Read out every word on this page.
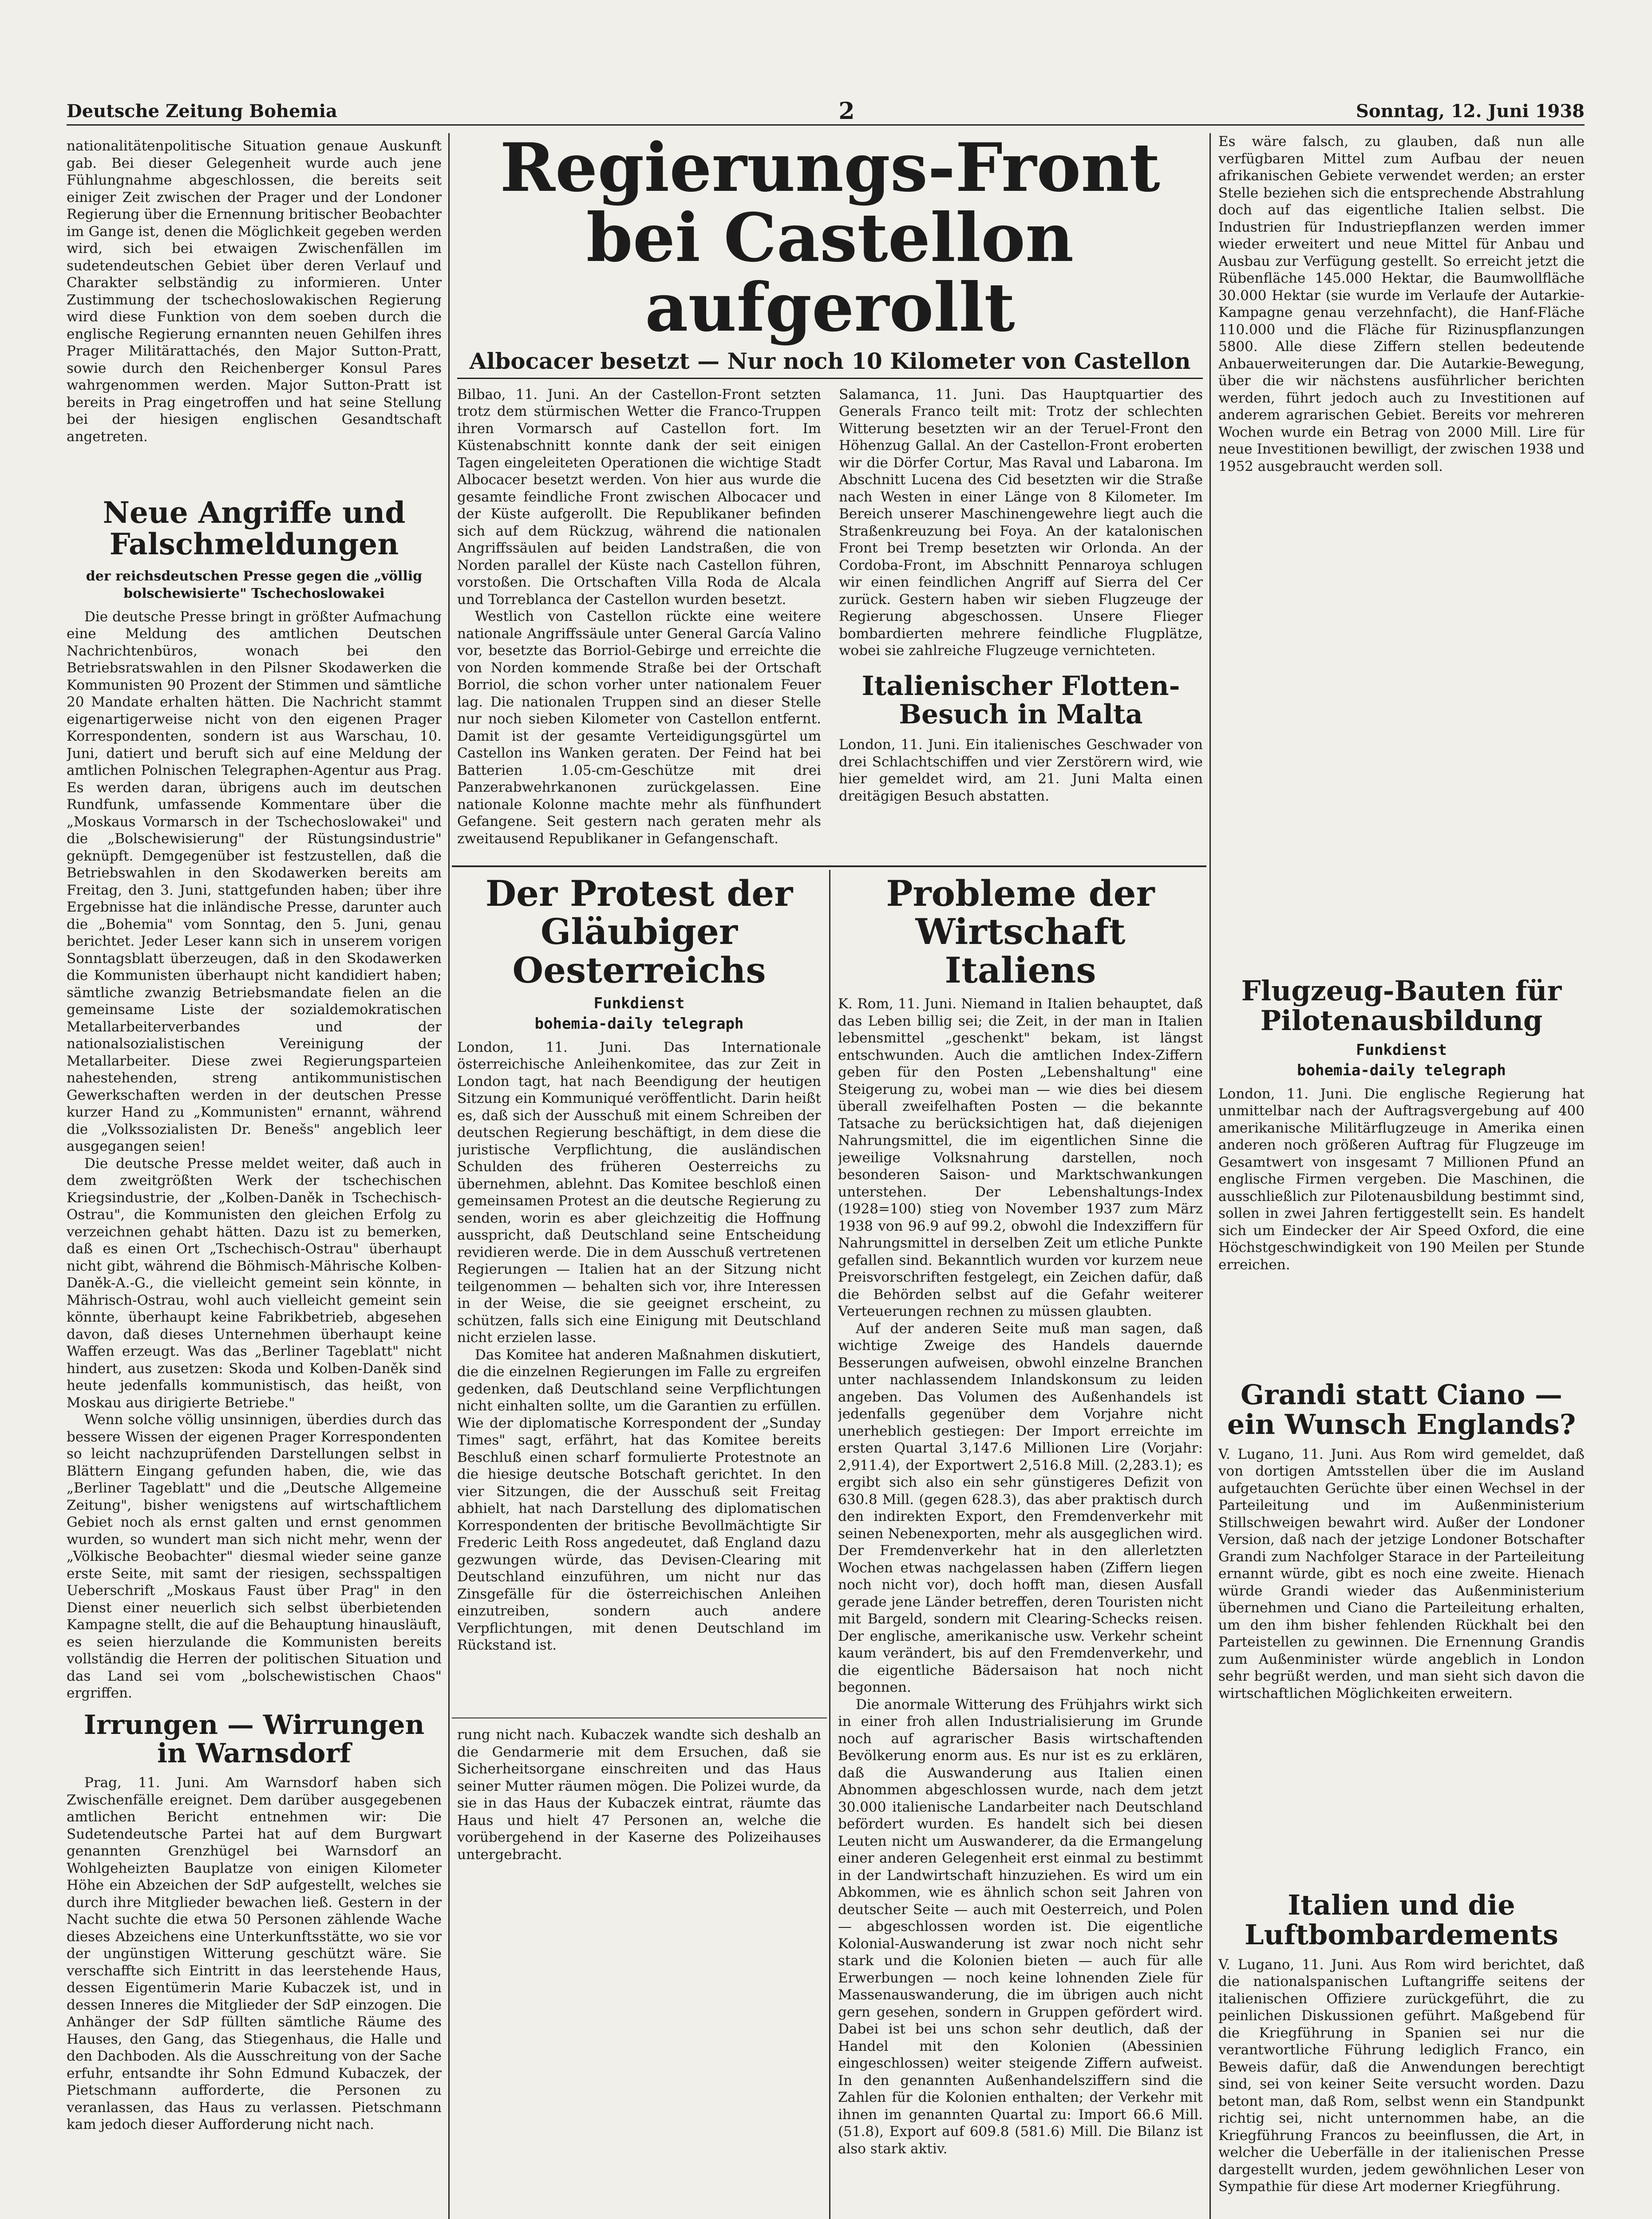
Deutsche Zeitung Bohemia	2	Sonntag, 12. Juni 1938

nationalitätenpolitische Situation genaue Auskunft gab. Bei dieser Gelegenheit wurde auch jene Fühlungnahme abgeschlossen, die bereits seit einiger Zeit zwischen der Prager und der Londoner Regierung über die Ernennung britischer Beobachter im Gange ist, denen die Möglichkeit gegeben werden wird, sich bei etwaigen Zwischenfällen im sudetendeutschen Gebiet über deren Verlauf und Charakter selbständig zu informieren. Unter Zustimmung der tschechoslowakischen Regierung wird diese Funktion von dem soeben durch die englische Regierung ernannten neuen Gehilfen ihres Prager Militärattachés, den Major Sutton-Pratt, sowie durch den Reichenberger Konsul Pares wahrgenommen werden. Major Sutton-Pratt ist bereits in Prag eingetroffen und hat seine Stellung bei der hiesigen englischen Gesandtschaft angetreten.

Neue Angriffe und Falschmeldungen
der reichsdeutschen Presse gegen die „völlig bolschewisierte" Tschechoslowakei

Die deutsche Presse bringt in größter Aufmachung eine Meldung des amtlichen Deutschen Nachrichtenbüros, wonach bei den Betriebsratswahlen in den Pilsner Skodawerken die Kommunisten 90 Prozent der Stimmen und sämtliche 20 Mandate erhalten hätten. Die Nachricht stammt eigenartigerweise nicht von den eigenen Prager Korrespondenten, sondern ist aus Warschau, 10. Juni, datiert und beruft sich auf eine Meldung der amtlichen Polnischen Telegraphen-Agentur aus Prag. Es werden daran, übrigens auch im deutschen Rundfunk, umfassende Kommentare über die „Moskaus Vormarsch in der Tschechoslowakei" und die „Bolschewisierung" der Rüstungsindustrie" geknüpft. Demgegenüber ist festzustellen, daß die Betriebswahlen in den Skodawerken bereits am Freitag, den 3. Juni, stattgefunden haben; über ihre Ergebnisse hat die inländische Presse, darunter auch die „Bohemia" vom Sonntag, den 5. Juni, genau berichtet. Jeder Leser kann sich in unserem vorigen Sonntagsblatt überzeugen, daß in den Skodawerken die Kommunisten überhaupt nicht kandidiert haben; sämtliche zwanzig Betriebsmandate fielen an die gemeinsame Liste der sozialdemokratischen Metallarbeiterverbandes und der nationalsozialistischen Vereinigung der Metallarbeiter. Diese zwei Regierungsparteien nahestehenden, streng antikommunistischen Gewerkschaften werden in der deutschen Presse kurzer Hand zu „Kommunisten" ernannt, während die „Volkssozialisten Dr. Benešs" angeblich leer ausgegangen seien!

Die deutsche Presse meldet weiter, daß auch in dem zweitgrößten Werk der tschechischen Kriegsindustrie, der „Kolben-Daněk in Tschechisch-Ostrau", die Kommunisten den gleichen Erfolg zu verzeichnen gehabt hätten. Dazu ist zu bemerken, daß es einen Ort „Tschechisch-Ostrau" überhaupt nicht gibt, während die Böhmisch-Mährische Kolben-Daněk-A.-G., die vielleicht gemeint sein könnte, in Mährisch-Ostrau, wohl auch vielleicht gemeint sein könnte, überhaupt keine Fabrikbetrieb, abgesehen davon, daß dieses Unternehmen überhaupt keine Waffen erzeugt. Was das „Berliner Tageblatt" nicht hindert, aus zusetzen: Skoda und Kolben-Daněk sind heute jedenfalls kommunistisch, das heißt, von Moskau aus dirigierte Betriebe."

Wenn solche völlig unsinnigen, überdies durch das bessere Wissen der eigenen Prager Korrespondenten so leicht nachzuprüfenden Darstellungen selbst in Blättern Eingang gefunden haben, die, wie das „Berliner Tageblatt" und die „Deutsche Allgemeine Zeitung", bisher wenigstens auf wirtschaftlichem Gebiet noch als ernst galten und ernst genommen wurden, so wundert man sich nicht mehr, wenn der „Völkische Beobachter" diesmal wieder seine ganze erste Seite, mit samt der riesigen, sechsspaltigen Ueberschrift „Moskaus Faust über Prag" in den Dienst einer neuerlich sich selbst überbietenden Kampagne stellt, die auf die Behauptung hinausläuft, es seien hierzulande die Kommunisten bereits vollständig die Herren der politischen Situation und das Land sei vom „bolschewistischen Chaos" ergriffen.

Irrungen — Wirrungen in Warnsdorf

Prag, 11. Juni. Am Warnsdorf haben sich Zwischenfälle ereignet. Dem darüber ausgegebenen amtlichen Bericht entnehmen wir: Die Sudetendeutsche Partei hat auf dem Burgwart genannten Grenzhügel bei Warnsdorf an Wohlgeheizten Bauplatze von einigen Kilometer Höhe ein Abzeichen der SdP aufgestellt, welches sie durch ihre Mitglieder bewachen ließ. Gestern in der Nacht suchte die etwa 50 Personen zählende Wache dieses Abzeichens eine Unterkunftsstätte, wo sie vor der ungünstigen Witterung geschützt wäre. Sie verschaffte sich Eintritt in das leerstehende Haus, dessen Eigentümerin Marie Kubaczek ist, und in dessen Inneres die Mitglieder der SdP einzogen. Die Anhänger der SdP füllten sämtliche Räume des Hauses, den Gang, das Stiegenhaus, die Halle und den Dachboden. Als die Ausschreitung von der Sache erfuhr, entsandte ihr Sohn Edmund Kubaczek, der Pietschmann aufforderte, die Personen zu veranlassen, das Haus zu verlassen. Pietschmann kam jedoch dieser Aufforderung nicht nach.

Regierungs-Front bei Castellon aufgerollt
Albocacer besetzt — Nur noch 10 Kilometer von Castellon

Bilbao, 11. Juni. An der Castellon-Front setzten trotz dem stürmischen Wetter die Franco-Truppen ihren Vormarsch auf Castellon fort. Im Küstenabschnitt konnte dank der seit einigen Tagen eingeleiteten Operationen die wichtige Stadt Albocacer besetzt werden. Von hier aus wurde die gesamte feindliche Front zwischen Albocacer und der Küste aufgerollt. Die Republikaner befinden sich auf dem Rückzug, während die nationalen Angriffssäulen auf beiden Landstraßen, die von Norden parallel der Küste nach Castellon führen, vorstoßen. Die Ortschaften Villa Roda de Alcala und Torreblanca der Castellon wurden besetzt.

Westlich von Castellon rückte eine weitere nationale Angriffssäule unter General García Valino vor, besetzte das Borriol-Gebirge und erreichte die von Norden kommende Straße bei der Ortschaft Borriol, die schon vorher unter nationalem Feuer lag. Die nationalen Truppen sind an dieser Stelle nur noch sieben Kilometer von Castellon entfernt. Damit ist der gesamte Verteidigungsgürtel um Castellon ins Wanken geraten. Der Feind hat bei Batterien 1.05-cm-Geschütze mit drei Panzerabwehrkanonen zurückgelassen. Eine nationale Kolonne machte mehr als fünfhundert Gefangene. Seit gestern nach geraten mehr als zweitausend Republikaner in Gefangenschaft.

Salamanca, 11. Juni. Das Hauptquartier des Generals Franco teilt mit: Trotz der schlechten Witterung besetzten wir an der Teruel-Front den Höhenzug Gallal. An der Castellon-Front eroberten wir die Dörfer Cortur, Mas Raval und Labarona. Im Abschnitt Lucena des Cid besetzten wir die Straße nach Westen in einer Länge von 8 Kilometer. Im Bereich unserer Maschinengewehre liegt auch die Straßenkreuzung bei Foya. An der katalonischen Front bei Tremp besetzten wir Orlonda. An der Cordoba-Front, im Abschnitt Pennaroya schlugen wir einen feindlichen Angriff auf Sierra del Cer zurück. Gestern haben wir sieben Flugzeuge der Regierung abgeschossen. Unsere Flieger bombardierten mehrere feindliche Flugplätze, wobei sie zahlreiche Flugzeuge vernichteten.

Italienischer Flotten-Besuch in Malta

London, 11. Juni. Ein italienisches Geschwader von drei Schlachtschiffen und vier Zerstörern wird, wie hier gemeldet wird, am 21. Juni Malta einen dreitägigen Besuch abstatten.

Der Protest der Gläubiger Oesterreichs
Funkdienst
bohemia-daily telegraph

London, 11. Juni. Das Internationale österreichische Anleihenkomitee, das zur Zeit in London tagt, hat nach Beendigung der heutigen Sitzung ein Kommuniqué veröffentlicht. Darin heißt es, daß sich der Ausschuß mit einem Schreiben der deutschen Regierung beschäftigt, in dem diese die juristische Verpflichtung, die ausländischen Schulden des früheren Oesterreichs zu übernehmen, ablehnt. Das Komitee beschloß einen gemeinsamen Protest an die deutsche Regierung zu senden, worin es aber gleichzeitig die Hoffnung ausspricht, daß Deutschland seine Entscheidung revidieren werde. Die in dem Ausschuß vertretenen Regierungen — Italien hat an der Sitzung nicht teilgenommen — behalten sich vor, ihre Interessen in der Weise, die sie geeignet erscheint, zu schützen, falls sich eine Einigung mit Deutschland nicht erzielen lasse.

Das Komitee hat anderen Maßnahmen diskutiert, die die einzelnen Regierungen im Falle zu ergreifen gedenken, daß Deutschland seine Verpflichtungen nicht einhalten sollte, um die Garantien zu erfüllen. Wie der diplomatische Korrespondent der „Sunday Times" sagt, erfährt, hat das Komitee bereits Beschluß einen scharf formulierte Protestnote an die hiesige deutsche Botschaft gerichtet. In den vier Sitzungen, die der Ausschuß seit Freitag abhielt, hat nach Darstellung des diplomatischen Korrespondenten der britische Bevollmächtigte Sir Frederic Leith Ross angedeutet, daß England dazu gezwungen würde, das Devisen-Clearing mit Deutschland einzuführen, um nicht nur das Zinsgefälle für die österreichischen Anleihen einzutreiben, sondern auch andere Verpflichtungen, mit denen Deutschland im Rückstand ist.

rung nicht nach. Kubaczek wandte sich deshalb an die Gendarmerie mit dem Ersuchen, daß sie Sicherheitsorgane einschreiten und das Haus seiner Mutter räumen mögen. Die Polizei wurde, da sie in das Haus der Kubaczek eintrat, räumte das Haus und hielt 47 Personen an, welche die vorübergehend in der Kaserne des Polizeihauses untergebracht.

Probleme der Wirtschaft Italiens

K. Rom, 11. Juni. Niemand in Italien behauptet, daß das Leben billig sei; die Zeit, in der man in Italien lebensmittel „geschenkt" bekam, ist längst entschwunden. Auch die amtlichen Index-Ziffern geben für den Posten „Lebenshaltung" eine Steigerung zu, wobei man — wie dies bei diesem überall zweifelhaften Posten — die bekannte Tatsache zu berücksichtigen hat, daß diejenigen Nahrungsmittel, die im eigentlichen Sinne die jeweilige Volksnahrung darstellen, noch besonderen Saison- und Marktschwankungen unterstehen. Der Lebenshaltungs-Index (1928=100) stieg von November 1937 zum März 1938 von 96.9 auf 99.2, obwohl die Indexziffern für Nahrungsmittel in derselben Zeit um etliche Punkte gefallen sind. Bekanntlich wurden vor kurzem neue Preisvorschriften festgelegt, ein Zeichen dafür, daß die Behörden selbst auf die Gefahr weiterer Verteuerungen rechnen zu müssen glaubten.

Auf der anderen Seite muß man sagen, daß wichtige Zweige des Handels dauernde Besserungen aufweisen, obwohl einzelne Branchen unter nachlassendem Inlandskonsum zu leiden angeben. Das Volumen des Außenhandels ist jedenfalls gegenüber dem Vorjahre nicht unerheblich gestiegen: Der Import erreichte im ersten Quartal 3,147.6 Millionen Lire (Vorjahr: 2,911.4), der Exportwert 2,516.8 Mill. (2,283.1); es ergibt sich also ein sehr günstigeres Defizit von 630.8 Mill. (gegen 628.3), das aber praktisch durch den indirekten Export, den Fremdenverkehr mit seinen Nebenexporten, mehr als ausgeglichen wird. Der Fremdenverkehr hat in den allerletzten Wochen etwas nachgelassen haben (Ziffern liegen noch nicht vor), doch hofft man, diesen Ausfall gerade jene Länder betreffen, deren Touristen nicht mit Bargeld, sondern mit Clearing-Schecks reisen. Der englische, amerikanische usw. Verkehr scheint kaum verändert, bis auf den Fremdenverkehr, und die eigentliche Bädersaison hat noch nicht begonnen.

Die anormale Witterung des Frühjahrs wirkt sich in einer froh allen Industrialisierung im Grunde noch auf agrarischer Basis wirtschaftenden Bevölkerung enorm aus. Es nur ist es zu erklären, daß die Auswanderung aus Italien einen Abnommen abgeschlossen wurde, nach dem jetzt 30.000 italienische Landarbeiter nach Deutschland befördert wurden. Es handelt sich bei diesen Leuten nicht um Auswanderer, da die Ermangelung einer anderen Gelegenheit erst einmal zu bestimmt in der Landwirtschaft hinzuziehen. Es wird um ein Abkommen, wie es ähnlich schon seit Jahren von deutscher Seite — auch mit Oesterreich, und Polen — abgeschlossen worden ist. Die eigentliche Kolonial-Auswanderung ist zwar noch nicht sehr stark und die Kolonien bieten — auch für alle Erwerbungen — noch keine lohnenden Ziele für Massenauswanderung, die im übrigen auch nicht gern gesehen, sondern in Gruppen gefördert wird. Dabei ist bei uns schon sehr deutlich, daß der Handel mit den Kolonien (Abessinien eingeschlossen) weiter steigende Ziffern aufweist. In den genannten Außenhandelsziffern sind die Zahlen für die Kolonien enthalten; der Verkehr mit ihnen im genannten Quartal zu: Import 66.6 Mill. (51.8), Export auf 609.8 (581.6) Mill. Die Bilanz ist also stark aktiv.

Es wäre falsch, zu glauben, daß nun alle verfügbaren Mittel zum Aufbau der neuen afrikanischen Gebiete verwendet werden; an erster Stelle beziehen sich die entsprechende Abstrahlung doch auf das eigentliche Italien selbst. Die Industrien für Industriepflanzen werden immer wieder erweitert und neue Mittel für Anbau und Ausbau zur Verfügung gestellt. So erreicht jetzt die Rübenfläche 145.000 Hektar, die Baumwollfläche 30.000 Hektar (sie wurde im Verlaufe der Autarkie-Kampagne genau verzehnfacht), die Hanf-Fläche 110.000 und die Fläche für Rizinuspflanzungen 5800. Alle diese Ziffern stellen bedeutende Anbauerweiterungen dar. Die Autarkie-Bewegung, über die wir nächstens ausführlicher berichten werden, führt jedoch auch zu Investitionen auf anderem agrarischen Gebiet. Bereits vor mehreren Wochen wurde ein Betrag von 2000 Mill. Lire für neue Investitionen bewilligt, der zwischen 1938 und 1952 ausgebraucht werden soll.

Flugzeug-Bauten für Pilotenausbildung
Funkdienst
bohemia-daily telegraph

London, 11. Juni. Die englische Regierung hat unmittelbar nach der Auftragsvergebung auf 400 amerikanische Militärflugzeuge in Amerika einen anderen noch größeren Auftrag für Flugzeuge im Gesamtwert von insgesamt 7 Millionen Pfund an englische Firmen vergeben. Die Maschinen, die ausschließlich zur Pilotenausbildung bestimmt sind, sollen in zwei Jahren fertiggestellt sein. Es handelt sich um Eindecker der Air Speed Oxford, die eine Höchstgeschwindigkeit von 190 Meilen per Stunde erreichen.

Grandi statt Ciano — ein Wunsch Englands?

V. Lugano, 11. Juni. Aus Rom wird gemeldet, daß von dortigen Amtsstellen über die im Ausland aufgetauchten Gerüchte über einen Wechsel in der Parteileitung und im Außenministerium Stillschweigen bewahrt wird. Außer der Londoner Version, daß nach der jetzige Londoner Botschafter Grandi zum Nachfolger Starace in der Parteileitung ernannt würde, gibt es noch eine zweite. Hienach würde Grandi wieder das Außenministerium übernehmen und Ciano die Parteileitung erhalten, um den ihm bisher fehlenden Rückhalt bei den Parteistellen zu gewinnen. Die Ernennung Grandis zum Außenminister würde angeblich in London sehr begrüßt werden, und man sieht sich davon die wirtschaftlichen Möglichkeiten erweitern.

Italien und die Luftbombardements

V. Lugano, 11. Juni. Aus Rom wird berichtet, daß die nationalspanischen Luftangriffe seitens der italienischen Offiziere zurückgeführt, die zu peinlichen Diskussionen geführt. Maßgebend für die Kriegführung in Spanien sei nur die verantwortliche Führung lediglich Franco, ein Beweis dafür, daß die Anwendungen berechtigt sind, sei von keiner Seite versucht worden. Dazu betont man, daß Rom, selbst wenn ein Standpunkt richtig sei, nicht unternommen habe, an die Kriegführung Francos zu beeinflussen, die Art, in welcher die Ueberfälle in der italienischen Presse dargestellt wurden, jedem gewöhnlichen Leser von Sympathie für diese Art moderner Kriegführung.
